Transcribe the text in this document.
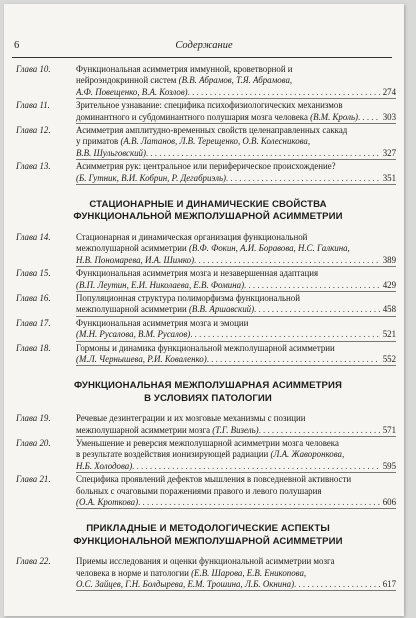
6	Содержание
Глава 10.	Функциональная асимметрия иммунной, кроветворной и
нейроэндокринной систем (В.В. Абрамов, Т.Я. Абрамова,
А.Ф. Повещенко, В.А. Козлов) . . .	274
Глава 11.	Зрительное узнавание: специфика психофизиологических механизмов
доминантного и субдоминантного полушария мозга человека (В.М. Кроль) . . .	303
Глава 12.	Асимметрия амплитудно-временных свойств целенаправленных саккад
у приматов (А.В. Латанов, Л.В. Терещенко, О.В. Колесникова,
В.В. Шульговский) . . .	327
Глава 13.	Асимметрия рук: центральное или периферическое происхождение?
(Б. Гутник, В.И. Кобрин, Р. Дегабриэль) . . .	351
СТАЦИОНАРНЫЕ И ДИНАМИЧЕСКИЕ СВОЙСТВА
ФУНКЦИОНАЛЬНОЙ МЕЖПОЛУШАРНОЙ АСИММЕТРИИ
Глава 14.	Стационарная и динамическая организация функциональной
межполушарной асимметрии (В.Ф. Фокин, А.И. Боравова, Н.С. Галкина,
Н.В. Пономарева, И.А. Шимко) . . .	389
Глава 15.	Функциональная асимметрия мозга и незавершенная адаптация
(В.П. Леутин, Е.И. Николаева, Е.В. Фомина) . . .	429
Глава 16.	Популяционная структура полиморфизма функциональной
межполушарной асимметрии (В.В. Аршавский) . . .	458
Глава 17.	Функциональная асимметрия мозга и эмоции
(М.Н. Русалова, В.М. Русалов) . . .	521
Глава 18.	Гормоны и динамика функциональной межполушарной асимметрии
(М.Л. Чернышева, Р.И. Коваленко) . . .	552
ФУНКЦИОНАЛЬНАЯ МЕЖПОЛУШАРНАЯ АСИММЕТРИЯ
В УСЛОВИЯХ ПАТОЛОГИИ
Глава 19.	Речевые дезинтеграции и их мозговые механизмы с позиции
межполушарной асимметрии мозга (Т.Г. Визель) . . .	571
Глава 20.	Уменьшение и реверсия межполушарной асимметрии мозга человека
в результате воздействия ионизирующей радиации (Л.А. Жаворонкова,
Н.Б. Холодова) . . .	595
Глава 21.	Специфика проявлений дефектов мышления в повседневной активности
больных с очаговыми поражениями правого и левого полушария
(О.А. Кроткова) . . .	606
ПРИКЛАДНЫЕ И МЕТОДОЛОГИЧЕСКИЕ АСПЕКТЫ
ФУНКЦИОНАЛЬНОЙ МЕЖПОЛУШАРНОЙ АСИММЕТРИИ
Глава 22.	Приемы исследования и оценки функциональной асимметрии мозга
человека в норме и патологии (Е.В. Шарова, Е.В. Еникопова,
О.С. Зайцев, Г.Н. Болдырева, Е.М. Трошина, Л.Б. Окнина) . . .	617
